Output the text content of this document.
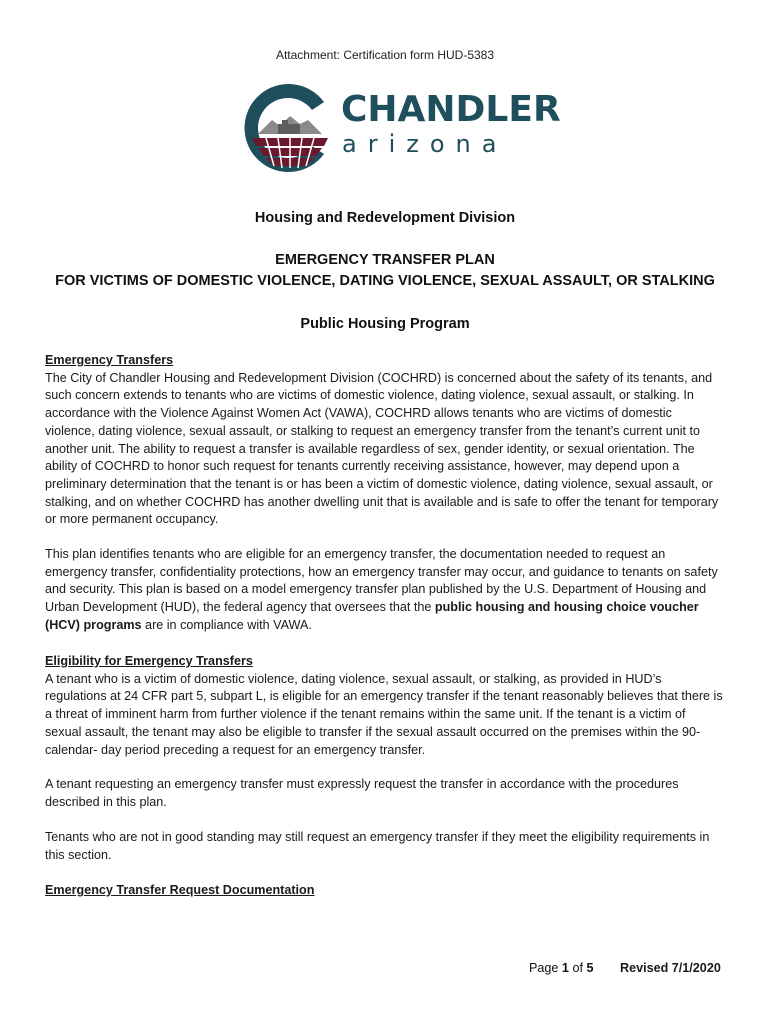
Attachment: Certification form HUD-5383
CHANDLER
arizona
Housing and Redevelopment Division
EMERGENCY TRANSFER PLAN
FOR VICTIMS OF DOMESTIC VIOLENCE, DATING VIOLENCE, SEXUAL ASSAULT, OR STALKING
Public Housing Program

Emergency Transfers

The City of Chandler Housing and Redevelopment Division (COCHRD) is concerned about the safety of its tenants, and such concern extends to tenants who are victims of domestic violence, dating violence, sexual assault, or stalking. In accordance with the Violence Against Women Act (VAWA), COCHRD allows tenants who are victims of domestic violence, dating violence, sexual assault, or stalking to request an emergency transfer from the tenant’s current unit to another unit. The ability to request a transfer is available regardless of sex, gender identity, or sexual orientation. The ability of COCHRD to honor such request for tenants currently receiving assistance, however, may depend upon a preliminary determination that the tenant is or has been a victim of domestic violence, dating violence, sexual assault, or stalking, and on whether COCHRD has another dwelling unit that is available and is safe to offer the tenant for temporary or more permanent occupancy.

This plan identifies tenants who are eligible for an emergency transfer, the documentation needed to request an emergency transfer, confidentiality protections, how an emergency transfer may occur, and guidance to tenants on safety and security. This plan is based on a model emergency transfer plan published by the U.S. Department of Housing and Urban Development (HUD), the federal agency that oversees that the public housing and housing choice voucher (HCV) programs are in compliance with VAWA.

Eligibility for Emergency Transfers

A tenant who is a victim of domestic violence, dating violence, sexual assault, or stalking, as provided in HUD’s regulations at 24 CFR part 5, subpart L, is eligible for an emergency transfer if the tenant reasonably believes that there is a threat of imminent harm from further violence if the tenant remains within the same unit. If the tenant is a victim of sexual assault, the tenant may also be eligible to transfer if the sexual assault occurred on the premises within the 90-calendar- day period preceding a request for an emergency transfer.

A tenant requesting an emergency transfer must expressly request the transfer in accordance with the procedures described in this plan.

Tenants who are not in good standing may still request an emergency transfer if they meet the eligibility requirements in this section.

Emergency Transfer Request Documentation

Page 1 of 5 Revised 7/1/2020
